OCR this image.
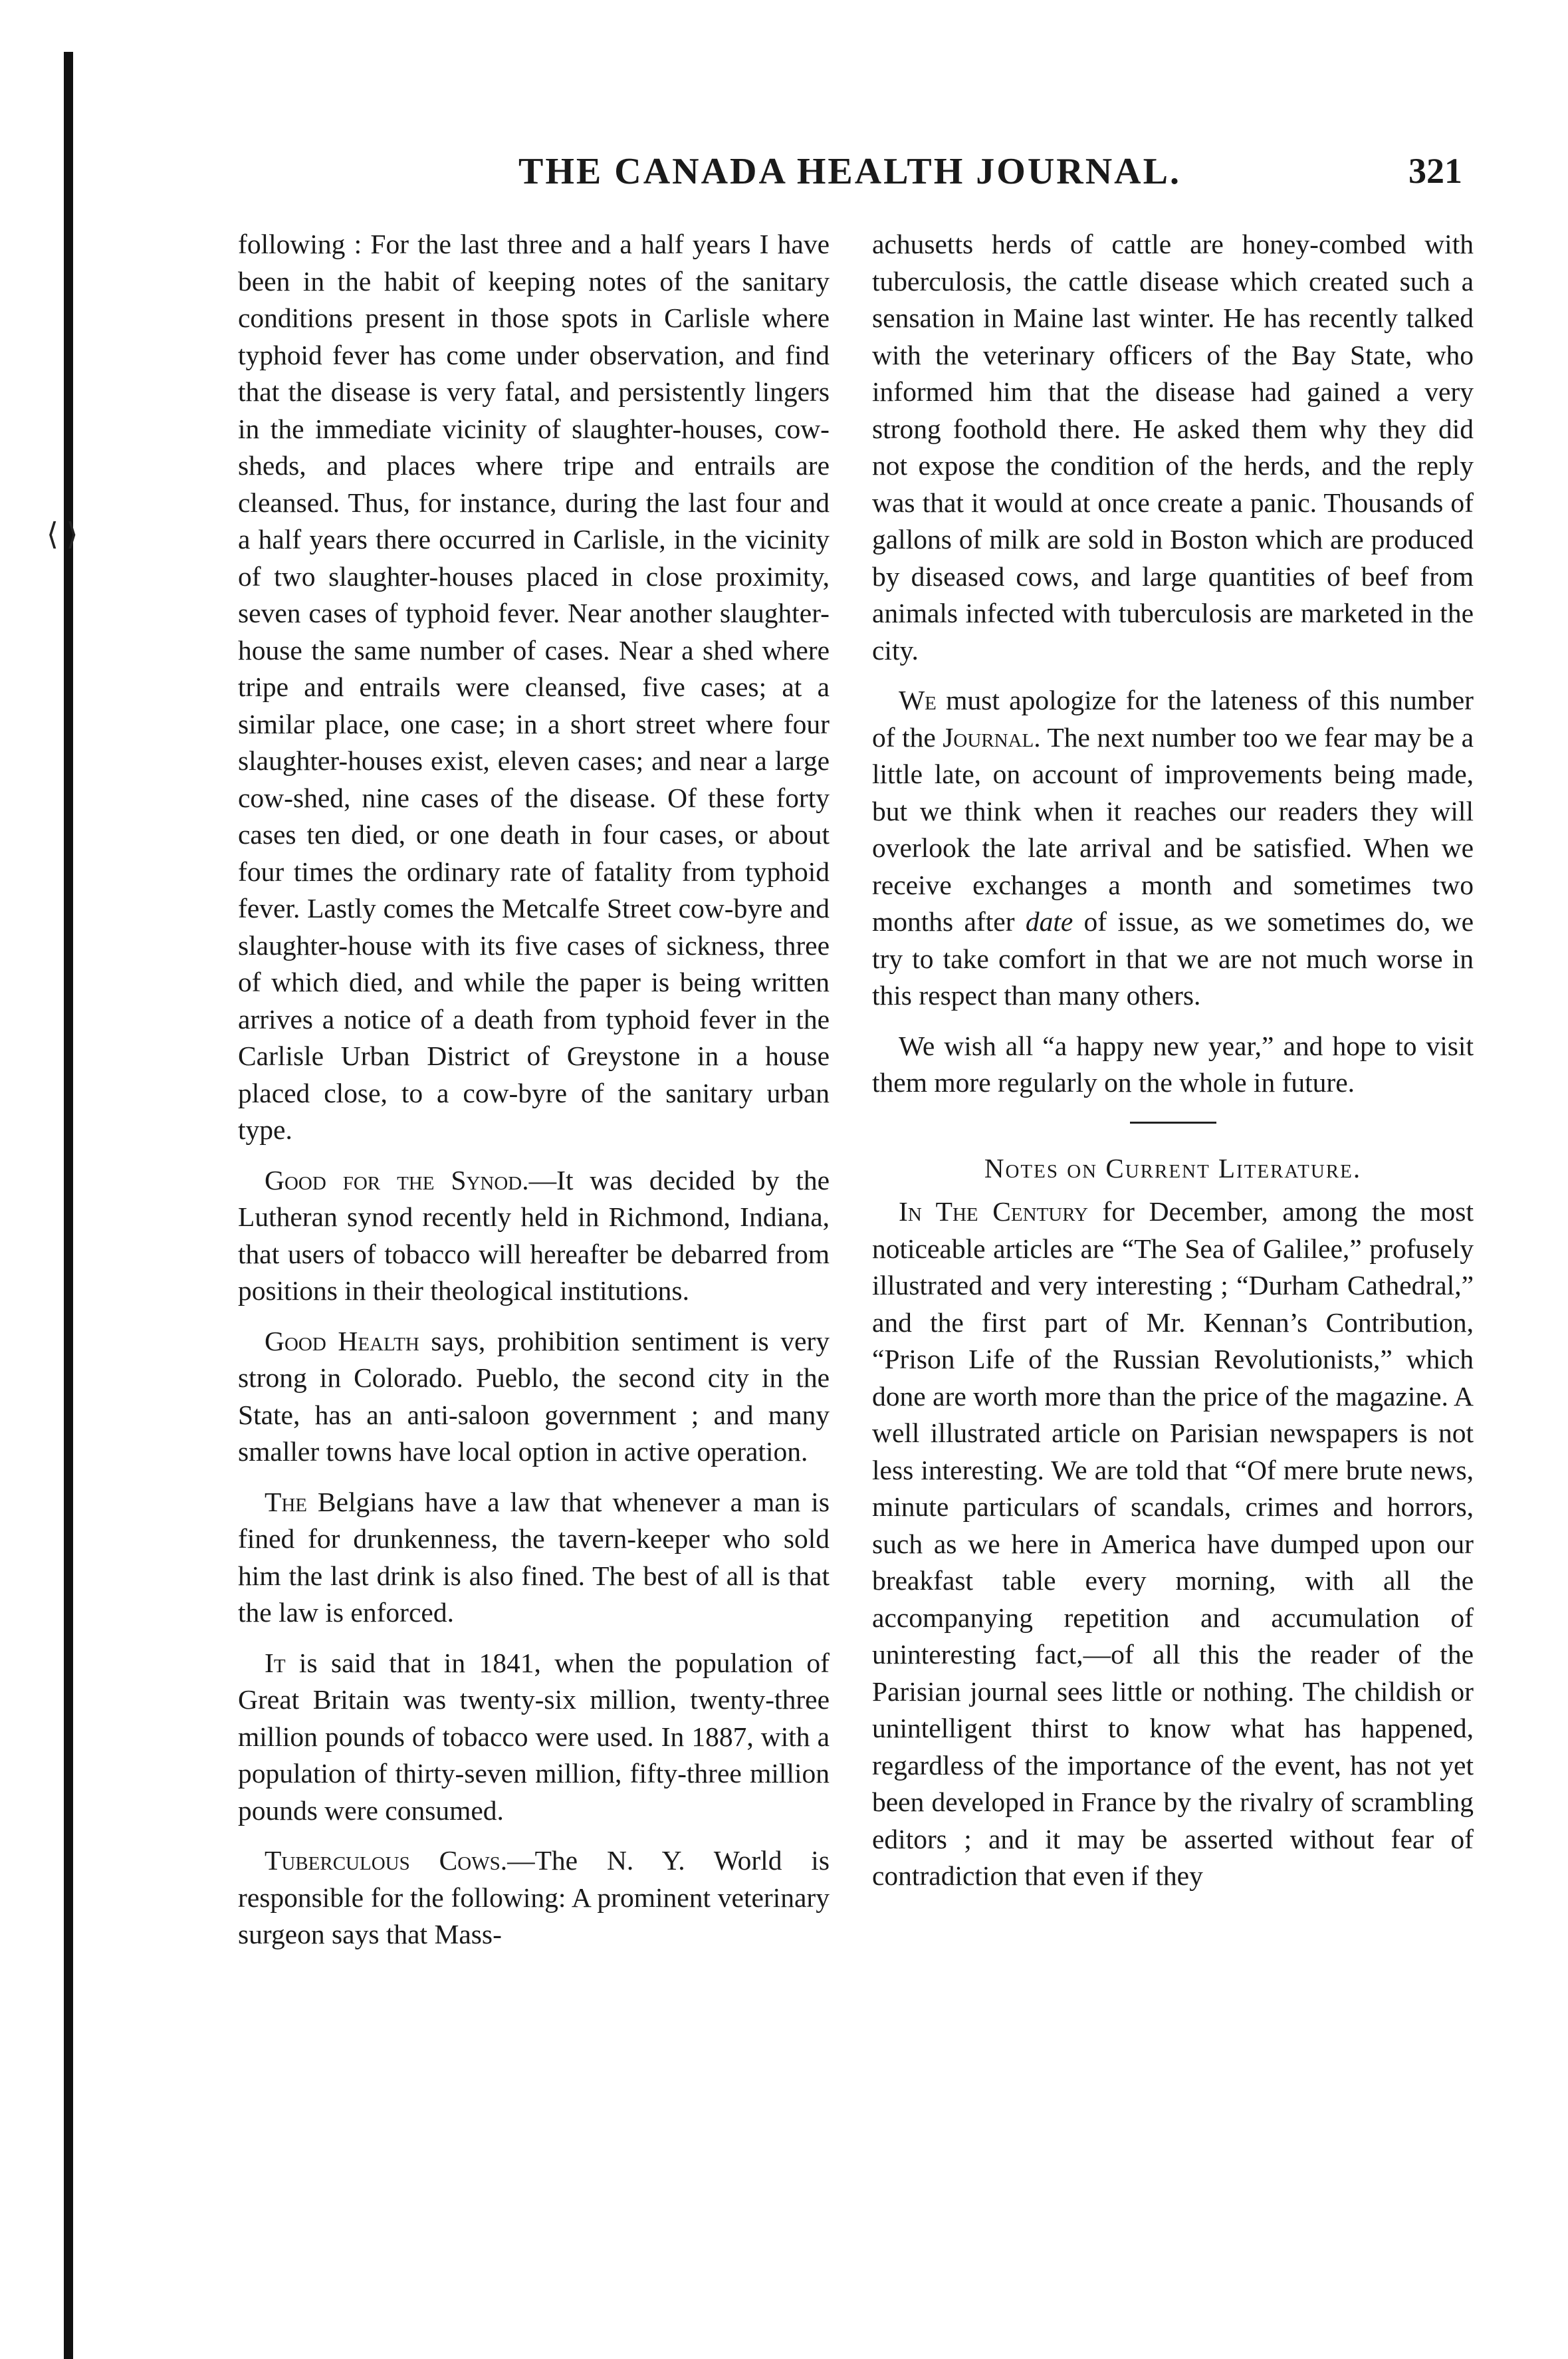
⟨ ⟩
THE CANADA HEALTH JOURNAL.	321

following : For the last three and a half years I have been in the habit of keeping notes of the sanitary conditions present in those spots in Carlisle where typhoid fever has come under observation, and find that the disease is very fatal, and persistently lingers in the immediate vicinity of slaughter-houses, cow-sheds, and places where tripe and entrails are cleansed. Thus, for instance, during the last four and a half years there occurred in Carlisle, in the vicinity of two slaughter-houses placed in close proximity, seven cases of typhoid fever. Near another slaughter-house the same number of cases. Near a shed where tripe and entrails were cleansed, five cases; at a similar place, one case; in a short street where four slaughter-houses exist, eleven cases; and near a large cow-shed, nine cases of the disease. Of these forty cases ten died, or one death in four cases, or about four times the ordinary rate of fatality from typhoid fever. Lastly comes the Metcalfe Street cow-byre and slaughter-house with its five cases of sickness, three of which died, and while the paper is being written arrives a notice of a death from typhoid fever in the Carlisle Urban District of Greystone in a house placed close, to a cow-byre of the sanitary urban type.

Good for the Synod.—It was decided by the Lutheran synod recently held in Richmond, Indiana, that users of tobacco will hereafter be debarred from positions in their theological institutions.

Good Health says, prohibition sentiment is very strong in Colorado. Pueblo, the second city in the State, has an anti-saloon government ; and many smaller towns have local option in active operation.

The Belgians have a law that whenever a man is fined for drunkenness, the tavern-keeper who sold him the last drink is also fined. The best of all is that the law is enforced.

It is said that in 1841, when the population of Great Britain was twenty-six million, twenty-three million pounds of tobacco were used. In 1887, with a population of thirty-seven million, fifty-three million pounds were consumed.

Tuberculous Cows.—The N. Y. World is responsible for the following: A prominent veterinary surgeon says that Mass-

achusetts herds of cattle are honey-combed with tuberculosis, the cattle disease which created such a sensation in Maine last winter. He has recently talked with the veterinary officers of the Bay State, who informed him that the disease had gained a very strong foothold there. He asked them why they did not expose the condition of the herds, and the reply was that it would at once create a panic. Thousands of gallons of milk are sold in Boston which are produced by diseased cows, and large quantities of beef from animals infected with tuberculosis are marketed in the city.

We must apologize for the lateness of this number of the Journal. The next number too we fear may be a little late, on account of improvements being made, but we think when it reaches our readers they will overlook the late arrival and be satisfied. When we receive exchanges a month and sometimes two months after date of issue, as we sometimes do, we try to take comfort in that we are not much worse in this respect than many others.

We wish all “a happy new year,” and hope to visit them more regularly on the whole in future.

Notes on Current Literature.

In The Century for December, among the most noticeable articles are “The Sea of Galilee,” profusely illustrated and very interesting ; “Durham Cathedral,” and the first part of Mr. Kennan’s Contribution, “Prison Life of the Russian Revolutionists,” which done are worth more than the price of the magazine. A well illustrated article on Parisian newspapers is not less interesting. We are told that “Of mere brute news, minute particulars of scandals, crimes and horrors, such as we here in America have dumped upon our breakfast table every morning, with all the accompanying repetition and accumulation of uninteresting fact,—of all this the reader of the Parisian journal sees little or nothing. The childish or unintelligent thirst to know what has happened, regardless of the importance of the event, has not yet been developed in France by the rivalry of scrambling editors ; and it may be asserted without fear of contradiction that even if they
